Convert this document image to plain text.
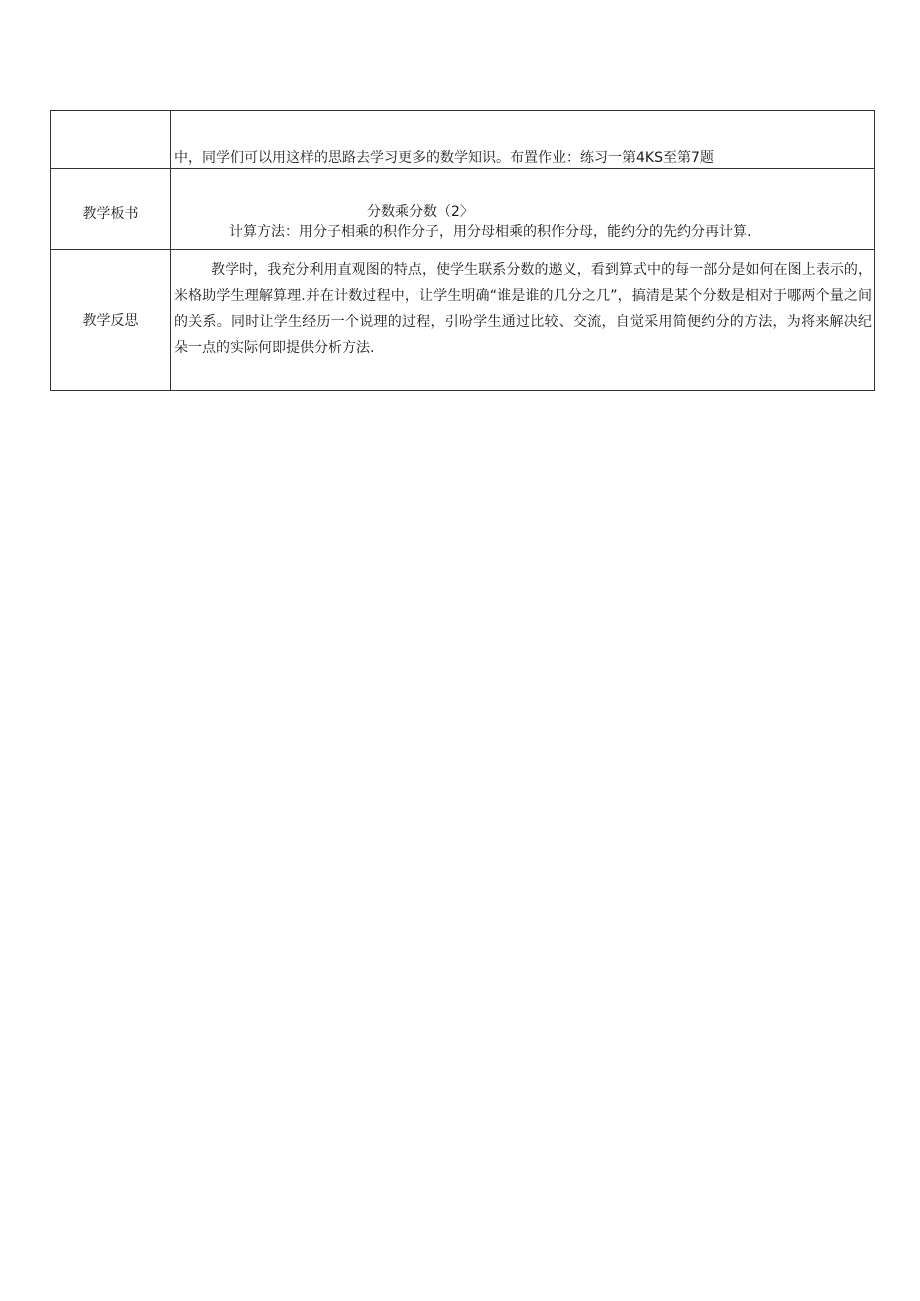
	中，同学们可以用这样的思路去学习更多的数学知识。布置作业：练习一第4KS至第7题

教学板书	分数乘分数（2〉
计算方法：用分子相乘的积作分子，用分母相乘的积作分母，能约分的先约分再计算.

教学反思	教学时，我充分利用直观图的特点，使学生联系分数的遨义，看到算式中的每一部分是如何在图上表示的，米格助学生理解算理.并在计数过程中，让学生明确“谁是谁的几分之几”，搞清是某个分数是相对于哪两个量之间的关系。同时让学生经历一个说理的过程，引吩学生通过比较、交流，自觉采用简便约分的方法，为将来解决纪朵一点的实际何即提供分析方法.
